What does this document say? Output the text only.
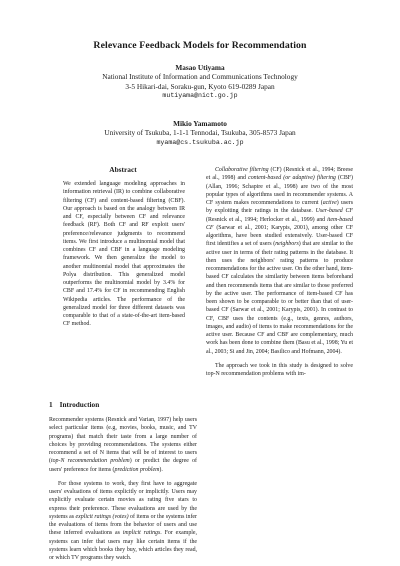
Relevance Feedback Models for Recommendation
Masao Utiyama
National Institute of Information and Communications Technology
3-5 Hikari-dai, Soraku-gun, Kyoto 619-0289 Japan
mutiyama@nict.go.jp
Mikio Yamamoto
University of Tsukuba, 1-1-1 Tennodai, Tsukuba, 305-8573 Japan
myama@cs.tsukuba.ac.jp
Abstract

We extended language modeling approaches in information retrieval (IR) to combine collaborative filtering (CF) and content-based filtering (CBF). Our approach is based on the analogy between IR and CF, especially between CF and relevance feedback (RF). Both CF and RF exploit users' preference/relevance judgments to recommend items. We first introduce a multinomial model that combines CF and CBF in a language modeling framework. We then generalize the model to another multinomial model that approximates the Polya distribution. This generalized model outperforms the multinomial model by 3.4% for CBF and 17.4% for CF in recommending English Wikipedia articles. The performance of the generalized model for three different datasets was comparable to that of a state-of-the-art item-based CF method.

1 Introduction

Recommender systems (Resnick and Varian, 1997) help users select particular items (e.g, movies, books, music, and TV programs) that match their taste from a large number of choices by providing recommendations. The systems either recommend a set of N items that will be of interest to users (top-N recommendation problem) or predict the degree of users' preference for items (prediction problem).

For those systems to work, they first have to aggregate users' evaluations of items explicitly or implicitly. Users may explicitly evaluate certain movies as rating five stars to express their preference. These evaluations are used by the systems as explicit ratings (votes) of items or the systems infer the evaluations of items from the behavior of users and use these inferred evaluations as implicit ratings. For example, systems can infer that users may like certain items if the systems learn which books they buy, which articles they read, or which TV programs they watch.

Collaborative filtering (CF) (Resnick et al., 1994; Breese et al., 1998) and content-based (or adaptive) filtering (CBF) (Allan, 1996; Schapire et al., 1998) are two of the most popular types of algorithms used in recommender systems. A CF system makes recommendations to current (active) users by exploiting their ratings in the database. User-based CF (Resnick et al., 1994; Herlocker et al., 1999) and item-based CF (Sarwar et al., 2001; Karypis, 2001), among other CF algorithms, have been studied extensively. User-based CF first identifies a set of users (neighbors) that are similar to the active user in terms of their rating patterns in the database. It then uses the neighbors' rating patterns to produce recommendations for the active user. On the other hand, item-based CF calculates the similarity between items beforehand and then recommends items that are similar to those preferred by the active user. The performance of item-based CF has been shown to be comparable to or better than that of user-based CF (Sarwar et al., 2001; Karypis, 2001). In contrast to CF, CBF uses the contents (e.g., texts, genres, authors, images, and audio) of items to make recommendations for the active user. Because CF and CBF are complementary, much work has been done to combine them (Basu et al., 1998; Yu et al., 2003; Si and Jin, 2004; Basilico and Hofmann, 2004).

The approach we took in this study is designed to solve top-N recommendation problems with im-
